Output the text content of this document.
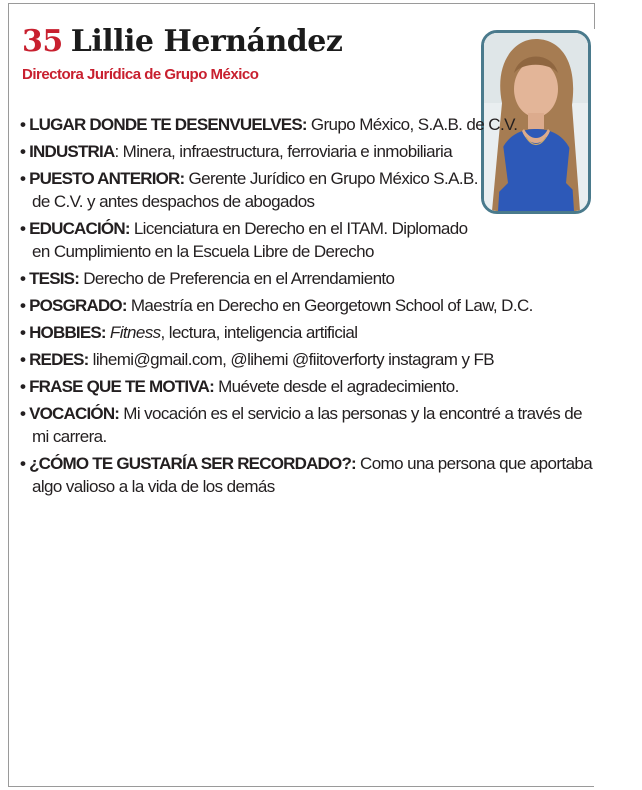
35 Lillie Hernández
Directora Jurídica de Grupo México
• LUGAR DONDE TE DESENVUELVES: Grupo México, S.A.B. de C.V.
• INDUSTRIA: Minera, infraestructura, ferroviaria e inmobiliaria
• PUESTO ANTERIOR: Gerente Jurídico en Grupo México S.A.B. de C.V. y antes despachos de abogados
• EDUCACIÓN: Licenciatura en Derecho en el ITAM. Diplomado en Cumplimiento en la Escuela Libre de Derecho
• TESIS: Derecho de Preferencia en el Arrendamiento
• POSGRADO: Maestría en Derecho en Georgetown School of Law, D.C.
• HOBBIES: Fitness, lectura, inteligencia artificial
• REDES: lihemi@gmail.com, @lihemi @fiitoverforty instagram y FB
• FRASE QUE TE MOTIVA: Muévete desde el agradecimiento.
• VOCACIÓN: Mi vocación es el servicio a las personas y la encontré a través de mi carrera.
• ¿CÓMO TE GUSTARÍA SER RECORDADO?: Como una persona que aportaba algo valioso a la vida de los demás
